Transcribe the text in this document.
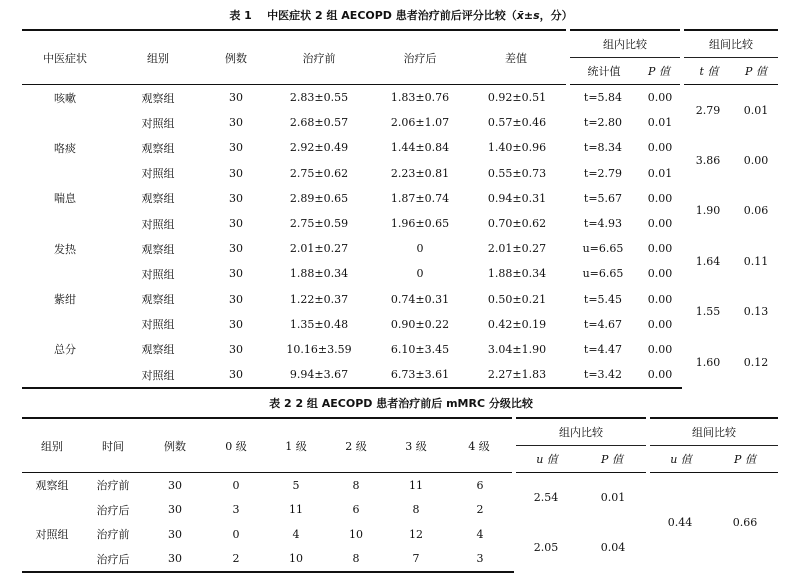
表 1 中医症状 2 组 AECOPD 患者治疗前后评分比较（x̄±s，分）
中医症状	组别	例数	治疗前	治疗后	差值	组内比较		组间比较	
						统计值	P 值	t 值	P 值
咳嗽	观察组	30	2.83±0.55	1.83±0.76	0.92±0.51	t=5.84	0.00	2.79	0.01
	对照组	30	2.68±0.57	2.06±1.07	0.57±0.46	t=2.80	0.01		
咯痰	观察组	30	2.92±0.49	1.44±0.84	1.40±0.96	t=8.34	0.00	3.86	0.00
	对照组	30	2.75±0.62	2.23±0.81	0.55±0.73	t=2.79	0.01		
喘息	观察组	30	2.89±0.65	1.87±0.74	0.94±0.31	t=5.67	0.00	1.90	0.06
	对照组	30	2.75±0.59	1.96±0.65	0.70±0.62	t=4.93	0.00		
发热	观察组	30	2.01±0.27	0	2.01±0.27	u=6.65	0.00	1.64	0.11
	对照组	30	1.88±0.34	0	1.88±0.34	u=6.65	0.00		
紫绀	观察组	30	1.22±0.37	0.74±0.31	0.50±0.21	t=5.45	0.00	1.55	0.13
	对照组	30	1.35±0.48	0.90±0.22	0.42±0.19	t=4.67	0.00		
总分	观察组	30	10.16±3.59	6.10±3.45	3.04±1.90	t=4.47	0.00	1.60	0.12
	对照组	30	9.94±3.67	6.73±3.61	2.27±1.83	t=3.42	0.00		
表 2 2 组 AECOPD 患者治疗前后 mMRC 分级比较
组别	时间	例数	0 级	1 级	2 级	3 级	4 级	组内比较		组间比较	
								u 值	P 值	u 值	P 值
观察组	治疗前	30	0	5	8	11	6	2.54	0.01	0.44	0.66
	治疗后	30	3	11	6	8	2				
对照组	治疗前	30	0	4	10	12	4	2.05	0.04		
	治疗后	30	2	10	8	7	3				
